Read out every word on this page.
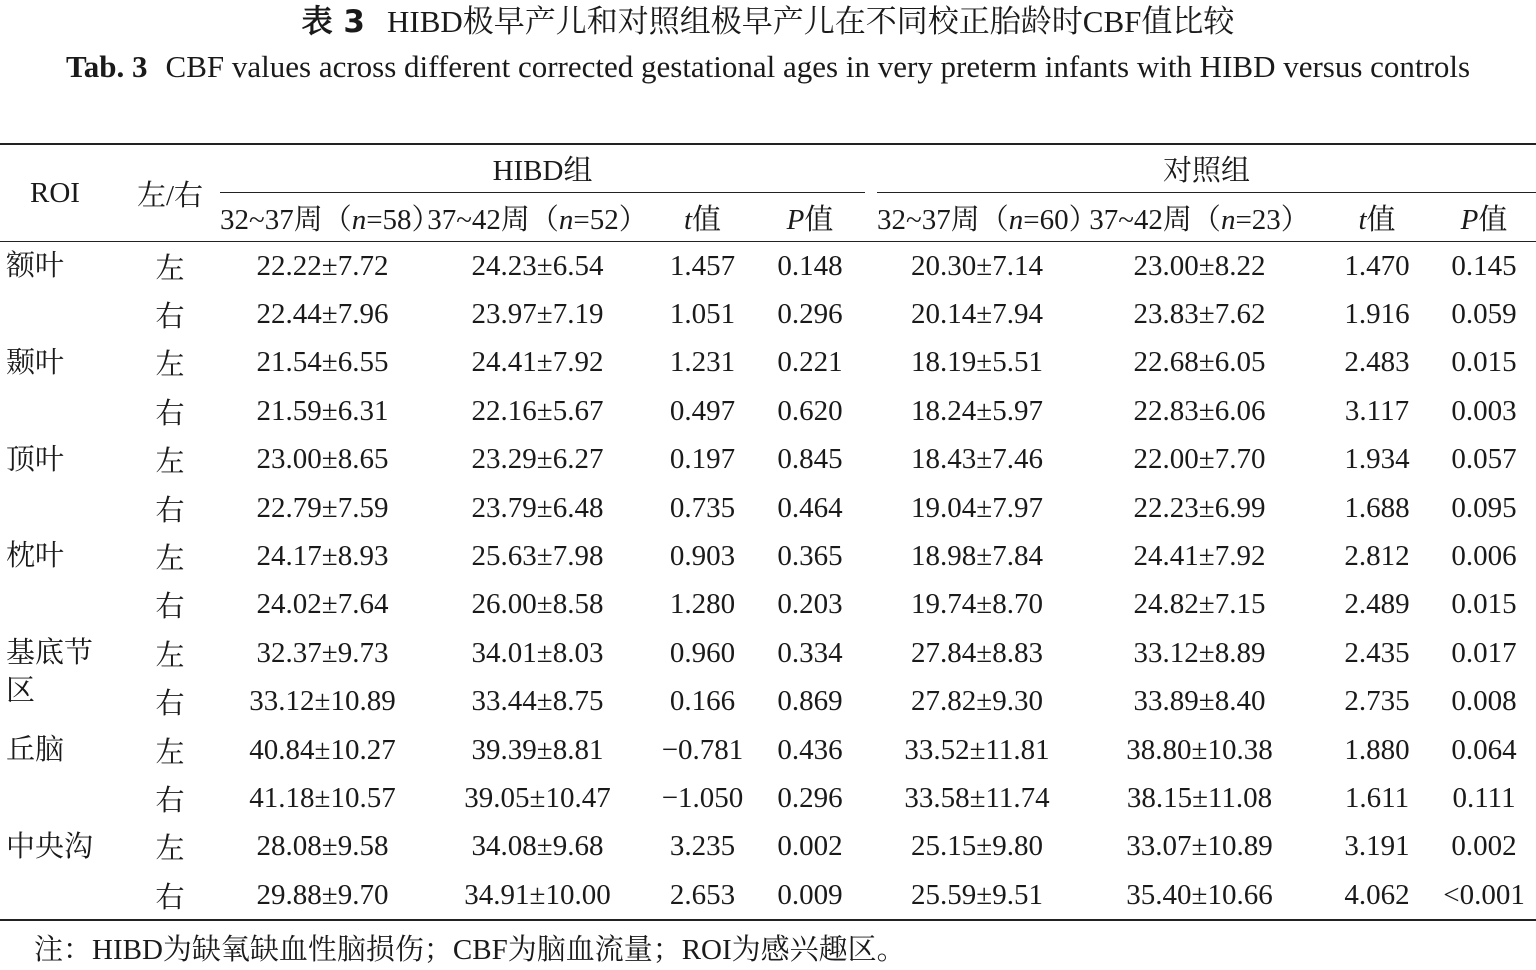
表 3 HIBD极早产儿和对照组极早产儿在不同校正胎龄时CBF值比较
Tab. 3 CBF values across different corrected gestational ages in very preterm infants with HIBD versus controls
ROI	左/右	HIBD组					对照组			
		32~37周（n=58）	37~42周（n=52）	t值	P值		32~37周（n=60）	37~42周（n=23）	t值	P值
额叶	左	22.22±7.72	24.23±6.54	1.457	0.148		20.30±7.14	23.00±8.22	1.470	0.145
	右	22.44±7.96	23.97±7.19	1.051	0.296		20.14±7.94	23.83±7.62	1.916	0.059
颞叶	左	21.54±6.55	24.41±7.92	1.231	0.221		18.19±5.51	22.68±6.05	2.483	0.015
	右	21.59±6.31	22.16±5.67	0.497	0.620		18.24±5.97	22.83±6.06	3.117	0.003
顶叶	左	23.00±8.65	23.29±6.27	0.197	0.845		18.43±7.46	22.00±7.70	1.934	0.057
	右	22.79±7.59	23.79±6.48	0.735	0.464		19.04±7.97	22.23±6.99	1.688	0.095
枕叶	左	24.17±8.93	25.63±7.98	0.903	0.365		18.98±7.84	24.41±7.92	2.812	0.006
	右	24.02±7.64	26.00±8.58	1.280	0.203		19.74±8.70	24.82±7.15	2.489	0.015
基底节区	左	32.37±9.73	34.01±8.03	0.960	0.334		27.84±8.83	33.12±8.89	2.435	0.017
	右	33.12±10.89	33.44±8.75	0.166	0.869		27.82±9.30	33.89±8.40	2.735	0.008
丘脑	左	40.84±10.27	39.39±8.81	−0.781	0.436		33.52±11.81	38.80±10.38	1.880	0.064
	右	41.18±10.57	39.05±10.47	−1.050	0.296		33.58±11.74	38.15±11.08	1.611	0.111
中央沟	左	28.08±9.58	34.08±9.68	3.235	0.002		25.15±9.80	33.07±10.89	3.191	0.002
	右	29.88±9.70	34.91±10.00	2.653	0.009		25.59±9.51	35.40±10.66	4.062	<0.001
注：HIBD为缺氧缺血性脑损伤；CBF为脑血流量；ROI为感兴趣区。
